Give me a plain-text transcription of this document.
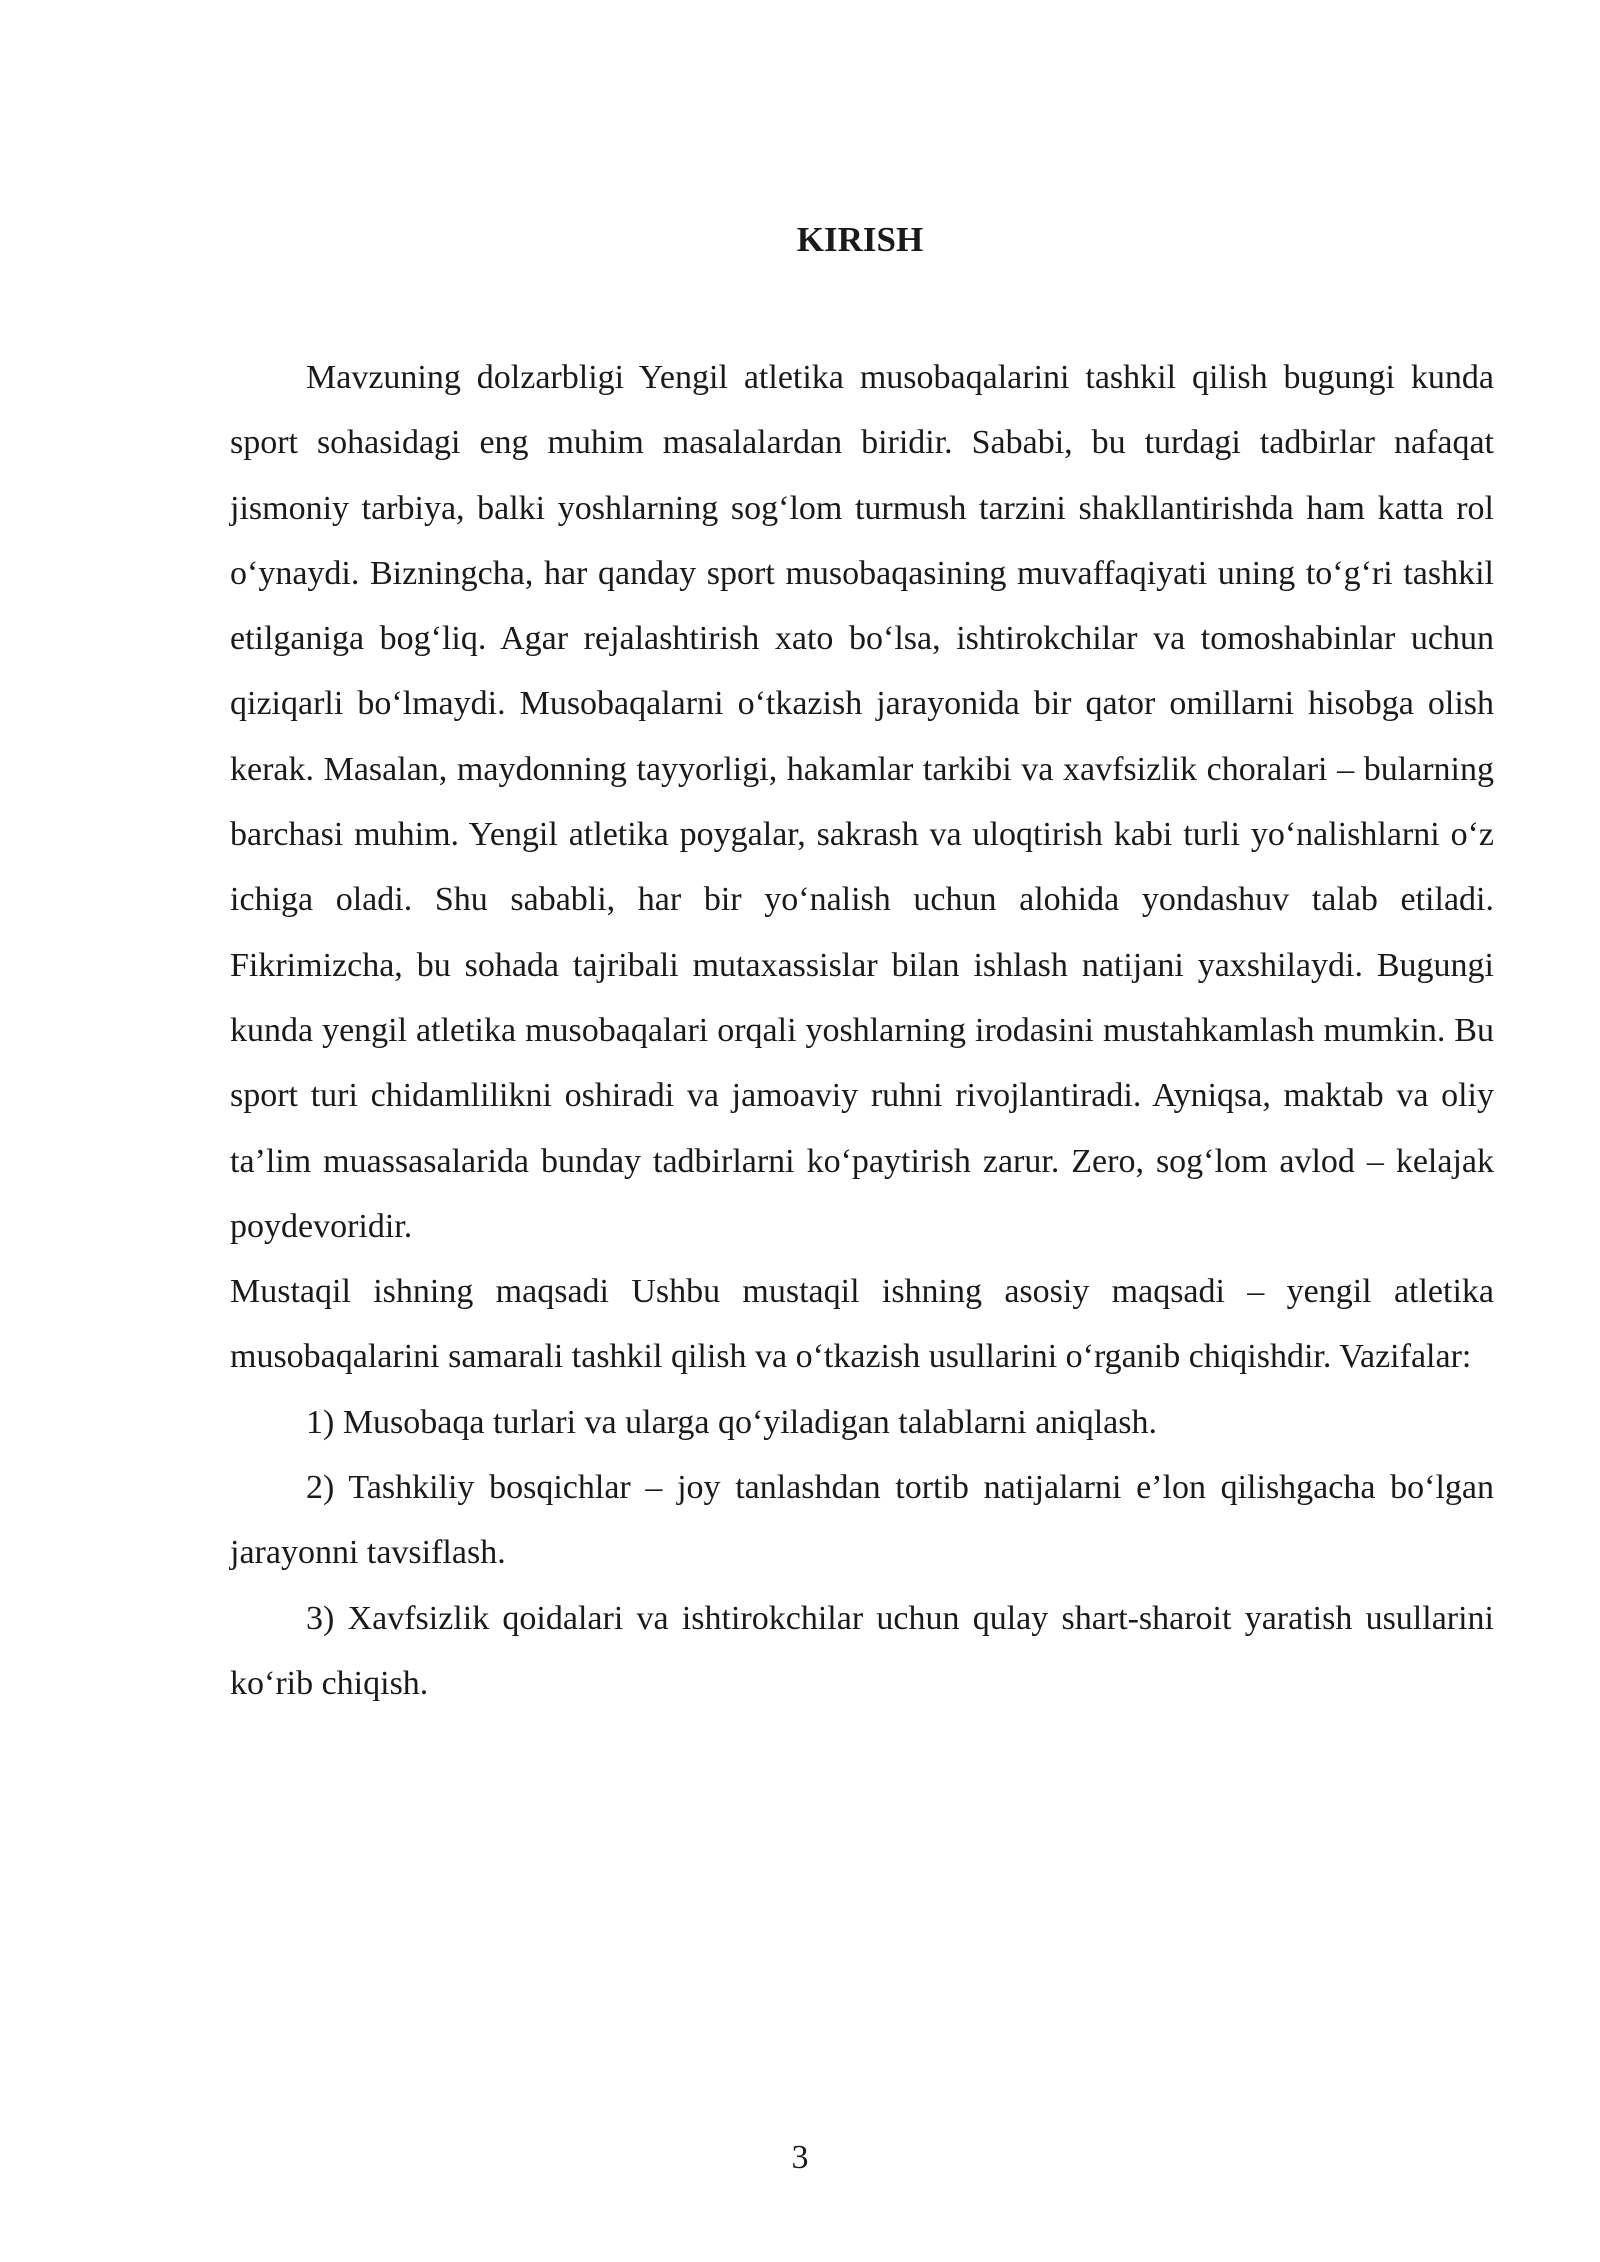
KIRISH

Mavzuning dolzarbligi Yengil atletika musobaqalarini tashkil qilish bugungi kunda sport sohasidagi eng muhim masalalardan biridir. Sababi, bu turdagi tadbirlar nafaqat jismoniy tarbiya, balki yoshlarning sog‘lom turmush tarzini shakllantirishda ham katta rol o‘ynaydi. Bizningcha, har qanday sport musobaqasining muvaffaqiyati uning to‘g‘ri tashkil etilganiga bog‘liq. Agar rejalashtirish xato bo‘lsa, ishtirokchilar va tomoshabinlar uchun qiziqarli bo‘lmaydi. Musobaqalarni o‘tkazish jarayonida bir qator omillarni hisobga olish kerak. Masalan, maydonning tayyorligi, hakamlar tarkibi va xavfsizlik choralari – bularning barchasi muhim. Yengil atletika poygalar, sakrash va uloqtirish kabi turli yo‘nalishlarni o‘z ichiga oladi. Shu sababli, har bir yo‘nalish uchun alohida yondashuv talab etiladi. Fikrimizcha, bu sohada tajribali mutaxassislar bilan ishlash natijani yaxshilaydi. Bugungi kunda yengil atletika musobaqalari orqali yoshlarning irodasini mustahkamlash mumkin. Bu sport turi chidamlilikni oshiradi va jamoaviy ruhni rivojlantiradi. Ayniqsa, maktab va oliy ta’lim muassasalarida bunday tadbirlarni ko‘paytirish zarur. Zero, sog‘lom avlod – kelajak poydevoridir.

Mustaqil ishning maqsadi Ushbu mustaqil ishning asosiy maqsadi – yengil atletika musobaqalarini samarali tashkil qilish va o‘tkazish usullarini o‘rganib chiqishdir. Vazifalar:

1) Musobaqa turlari va ularga qo‘yiladigan talablarni aniqlash.

2) Tashkiliy bosqichlar – joy tanlashdan tortib natijalarni e’lon qilishgacha bo‘lgan jarayonni tavsiflash.

3) Xavfsizlik qoidalari va ishtirokchilar uchun qulay shart-sharoit yaratish usullarini ko‘rib chiqish.

3
